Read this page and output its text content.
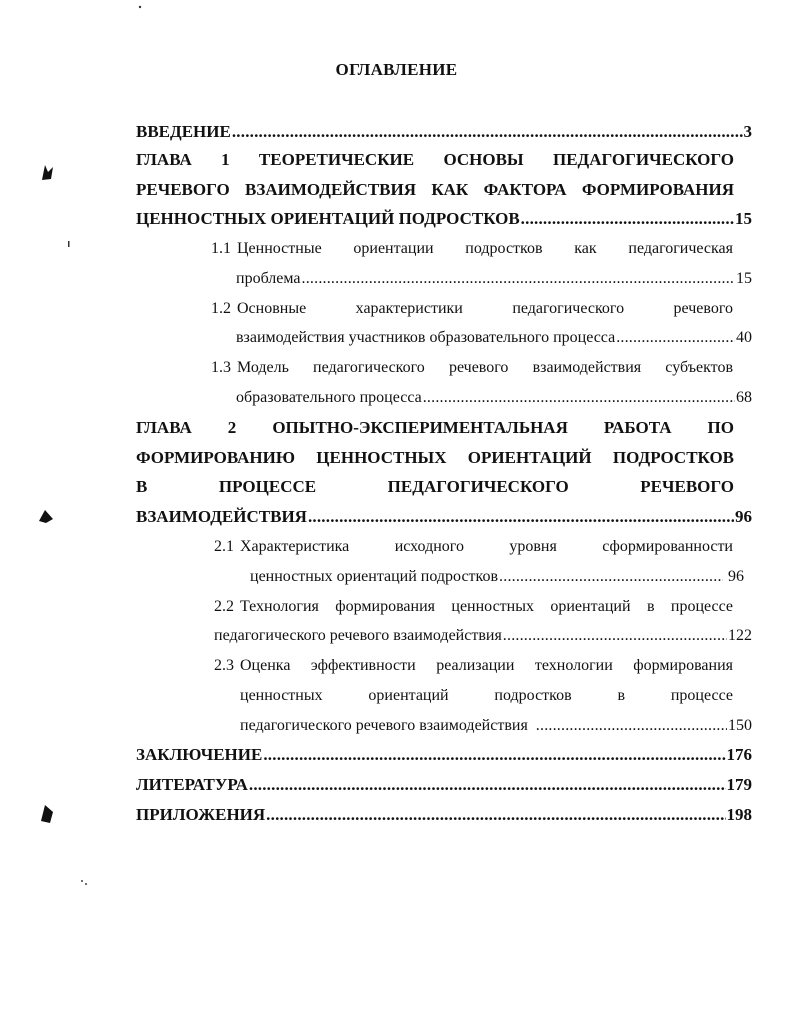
ОГЛАВЛЕНИЕ
ВВЕДЕНИЕ .....	3
ГЛАВА 1 ТЕОРЕТИЧЕСКИЕ ОСНОВЫ ПЕДАГОГИЧЕСКОГО
РЕЧЕВОГО ВЗАИМОДЕЙСТВИЯ КАК ФАКТОРА ФОРМИРОВАНИЯ
ЦЕННОСТНЫХ ОРИЕНТАЦИЙ ПОДРОСТКОВ .....	15
1.1 Ценностные ориентации подростков как педагогическая
проблема .....	15
1.2 Основные характеристики педагогического речевого
взаимодействия участников образовательного процесса .....	40
1.3 Модель педагогического речевого взаимодействия субъектов
образовательного процесса .....	68
ГЛАВА 2 ОПЫТНО-ЭКСПЕРИМЕНТАЛЬНАЯ РАБОТА ПО
ФОРМИРОВАНИЮ ЦЕННОСТНЫХ ОРИЕНТАЦИЙ ПОДРОСТКОВ
В ПРОЦЕССЕ ПЕДАГОГИЧЕСКОГО РЕЧЕВОГО
ВЗАИМОДЕЙСТВИЯ .....	96
2.1 Характеристика исходного уровня сформированности
ценностных ориентаций подростков .....	96
2.2 Технология формирования ценностных ориентаций в процессе
педагогического речевого взаимодействия .....	122
2.3 Оценка эффективности реализации технологии формирования
ценностных ориентаций подростков в процессе
педагогического речевого взаимодействия .....	150
ЗАКЛЮЧЕНИЕ .....	176
ЛИТЕРАТУРА .....	179
ПРИЛОЖЕНИЯ .....	198
